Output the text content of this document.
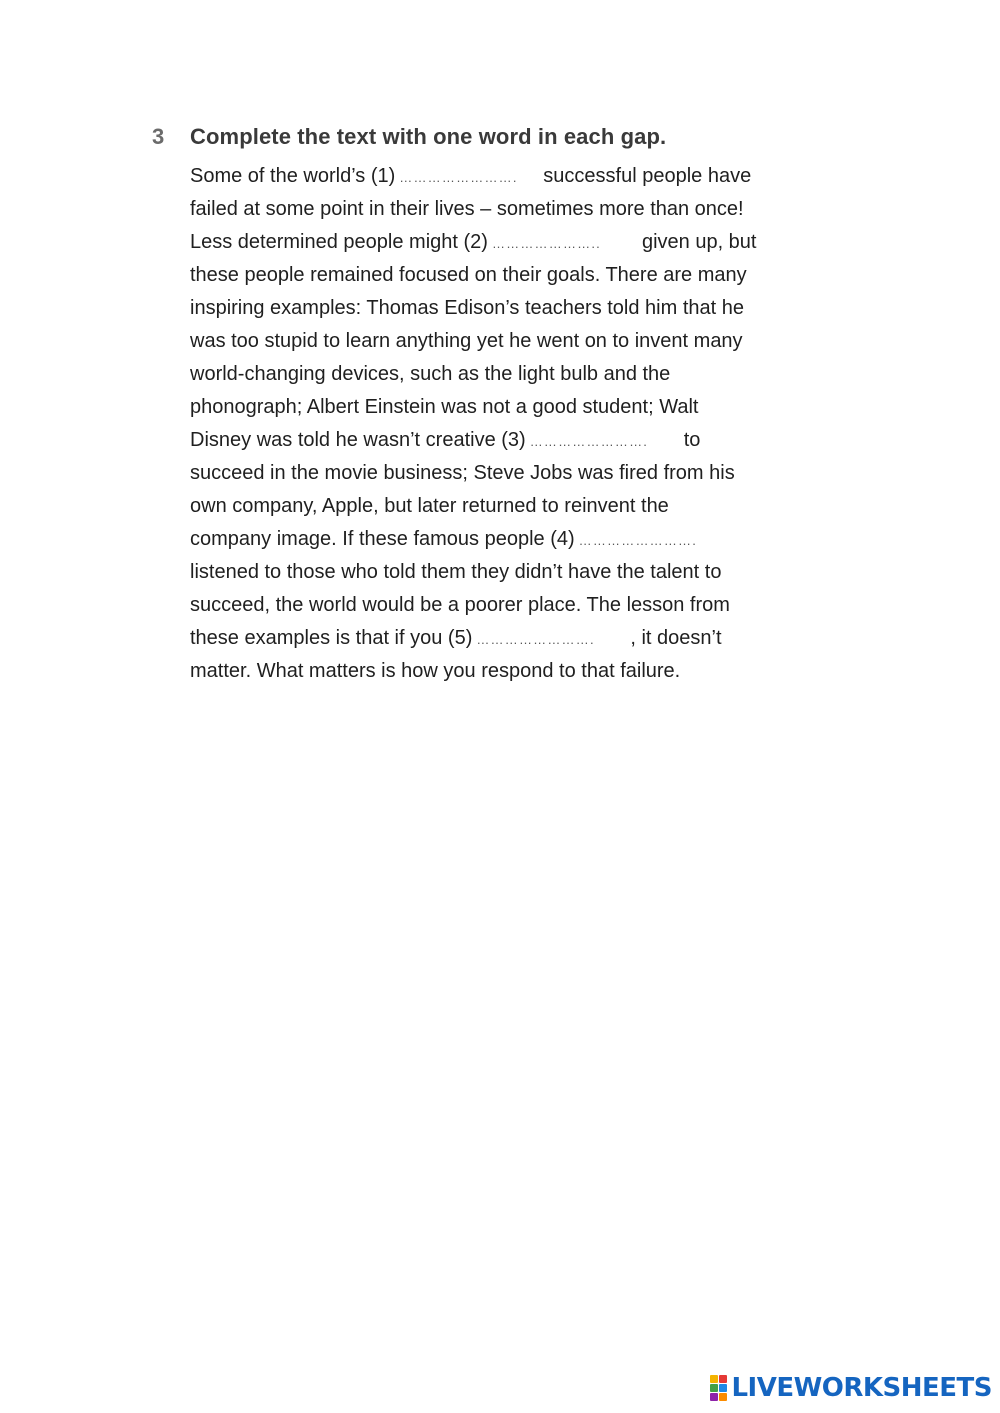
3	Complete the text with one word in each gap.
Some of the world’s (1) ……………………. successful people have
failed at some point in their lives – sometimes more than once!
Less determined people might (2) ………………….. given up, but
these people remained focused on their goals. There are many
inspiring examples: Thomas Edison’s teachers told him that he
was too stupid to learn anything yet he went on to invent many
world-changing devices, such as the light bulb and the
phonograph; Albert Einstein was not a good student; Walt
Disney was told he wasn’t creative (3) ……………………. to
succeed in the movie business; Steve Jobs was fired from his
own company, Apple, but later returned to reinvent the
company image. If these famous people (4) …………………….
listened to those who told them they didn’t have the talent to
succeed, the world would be a poorer place. The lesson from
these examples is that if you (5) ……………………. , it doesn’t
matter. What matters is how you respond to that failure.
LIVEWORKSHEETS
